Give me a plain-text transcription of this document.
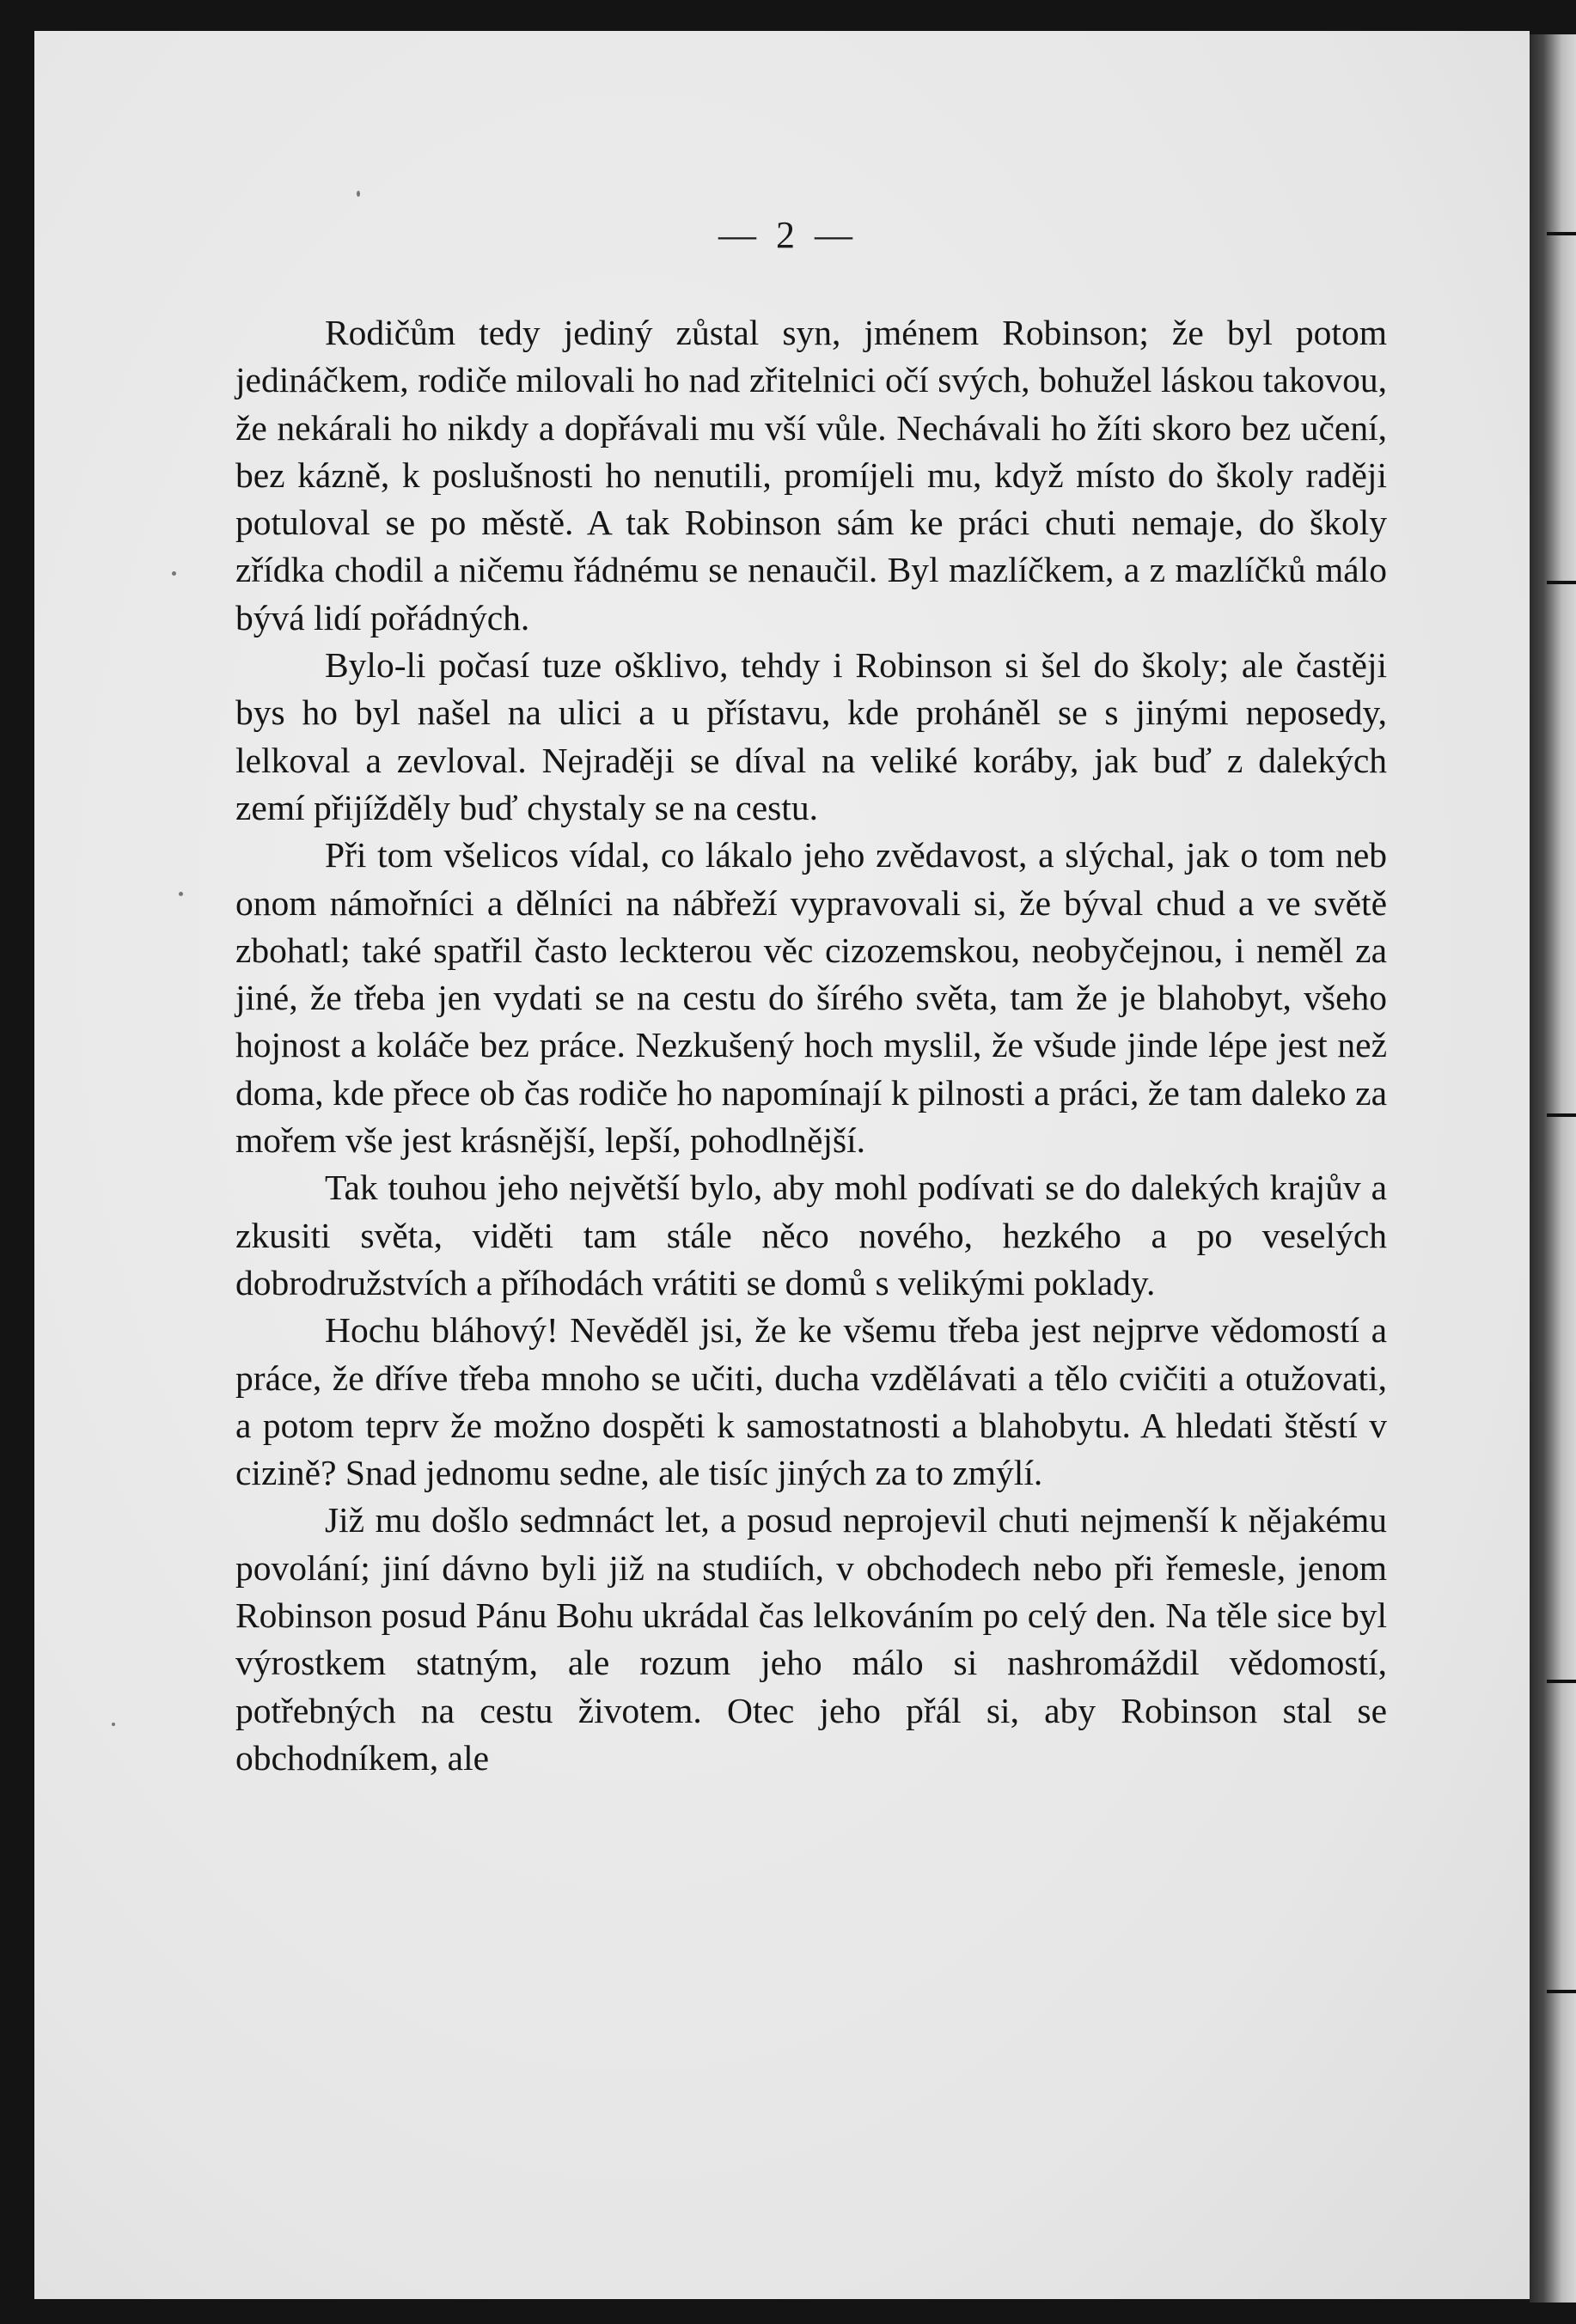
— 2 —

Rodičům tedy jediný zůstal syn, jménem Robinson; že byl potom jedináčkem, rodiče milovali ho nad zřitelnici očí svých, bohužel láskou takovou, že nekárali ho nikdy a dopřávali mu vší vůle. Nechávali ho žíti skoro bez učení, bez kázně, k poslušnosti ho nenutili, promíjeli mu, když místo do školy raději potuloval se po městě. A tak Robinson sám ke práci chuti nemaje, do školy zřídka chodil a ničemu řádnému se nenaučil. Byl mazlíčkem, a z mazlíčků málo bývá lidí pořádných.

Bylo-li počasí tuze ošklivo, tehdy i Robinson si šel do školy; ale častěji bys ho byl našel na ulici a u přístavu, kde proháněl se s jinými neposedy, lelkoval a zevloval. Nejraději se díval na veliké koráby, jak buď z dalekých zemí přijížděly buď chystaly se na cestu.

Při tom všelicos vídal, co lákalo jeho zvědavost, a slýchal, jak o tom neb onom námořníci a dělníci na nábřeží vypravovali si, že býval chud a ve světě zbohatl; také spatřil často leckterou věc cizozemskou, neobyčejnou, i neměl za jiné, že třeba jen vydati se na cestu do šírého světa, tam že je blahobyt, všeho hojnost a koláče bez práce. Nezkušený hoch myslil, že všude jinde lépe jest než doma, kde přece ob čas rodiče ho napomínají k pilnosti a práci, že tam daleko za mořem vše jest krásnější, lepší, pohodlnější.

Tak touhou jeho největší bylo, aby mohl podívati se do dalekých krajův a zkusiti světa, viděti tam stále něco nového, hezkého a po veselých dobrodružstvích a příhodách vrátiti se domů s velikými poklady.

Hochu bláhový! Nevěděl jsi, že ke všemu třeba jest nejprve vědomostí a práce, že dříve třeba mnoho se učiti, ducha vzdělávati a tělo cvičiti a otužovati, a potom teprv že možno dospěti k samostatnosti a blahobytu. A hledati štěstí v cizině? Snad jednomu sedne, ale tisíc jiných za to zmýlí.

Již mu došlo sedmnáct let, a posud neprojevil chuti nejmenší k nějakému povolání; jiní dávno byli již na studiích, v obchodech nebo při řemesle, jenom Robinson posud Pánu Bohu ukrádal čas lelkováním po celý den. Na těle sice byl výrostkem statným, ale rozum jeho málo si nashromáždil vědomostí, potřebných na cestu životem. Otec jeho přál si, aby Robinson stal se obchodníkem, ale
